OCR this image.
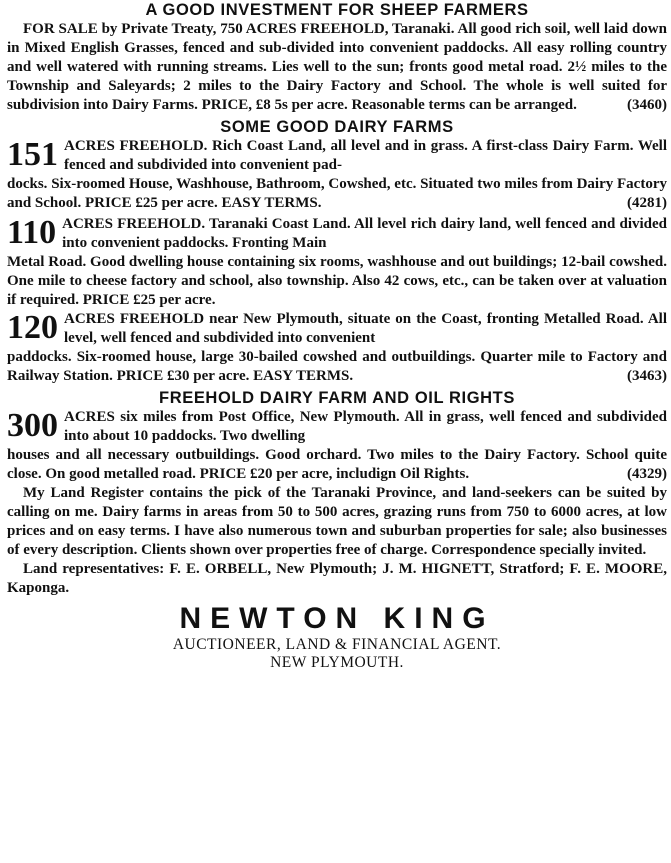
A GOOD INVESTMENT FOR SHEEP FARMERS

FOR SALE by Private Treaty, 750 ACRES FREEHOLD, Taranaki. All good rich soil, well laid down in Mixed English Grasses, fenced and sub-divided into convenient paddocks. All easy rolling country and well watered with running streams. Lies well to the sun; fronts good metal road. 2½ miles to the Township and Saleyards; 2 miles to the Dairy Factory and School. The whole is well suited for subdivision into Dairy Farms. PRICE, £8 5s per acre. Reasonable terms can be arranged.	(3460)

SOME GOOD DAIRY FARMS
151 ACRES FREEHOLD. Rich Coast Land, all level and in grass. A first-class Dairy Farm. Well fenced and subdivided into convenient pad-

docks. Six-roomed House, Washhouse, Bathroom, Cowshed, etc. Situated two miles from Dairy Factory and School. PRICE £25 per acre. EASY TERMS.	(4281)

110 ACRES FREEHOLD. Taranaki Coast Land. All level rich dairy land, well fenced and divided into convenient paddocks. Fronting Main

Metal Road. Good dwelling house containing six rooms, washhouse and out buildings; 12-bail cowshed. One mile to cheese factory and school, also township. Also 42 cows, etc., can be taken over at valuation if required. PRICE £25 per acre.

120 ACRES FREEHOLD near New Plymouth, situate on the Coast, fronting Metalled Road. All level, well fenced and subdivided into convenient

paddocks. Six-roomed house, large 30-bailed cowshed and outbuildings. Quarter mile to Factory and Railway Station. PRICE £30 per acre. EASY TERMS.	(3463)

FREEHOLD DAIRY FARM AND OIL RIGHTS
300 ACRES six miles from Post Office, New Plymouth. All in grass, well fenced and subdivided into about 10 paddocks. Two dwelling

houses and all necessary outbuildings. Good orchard. Two miles to the Dairy Factory. School quite close. On good metalled road. PRICE £20 per acre, includign Oil Rights.	(4329)

My Land Register contains the pick of the Taranaki Province, and land-seekers can be suited by calling on me. Dairy farms in areas from 50 to 500 acres, grazing runs from 750 to 6000 acres, at low prices and on easy terms. I have also numerous town and suburban properties for sale; also businesses of every description. Clients shown over properties free of charge. Correspondence specially invited.

Land representatives: F. E. ORBELL, New Plymouth; J. M. HIGNETT, Stratford; F. E. MOORE, Kaponga.

NEWTON KING
AUCTIONEER, LAND & FINANCIAL AGENT.
NEW PLYMOUTH.
